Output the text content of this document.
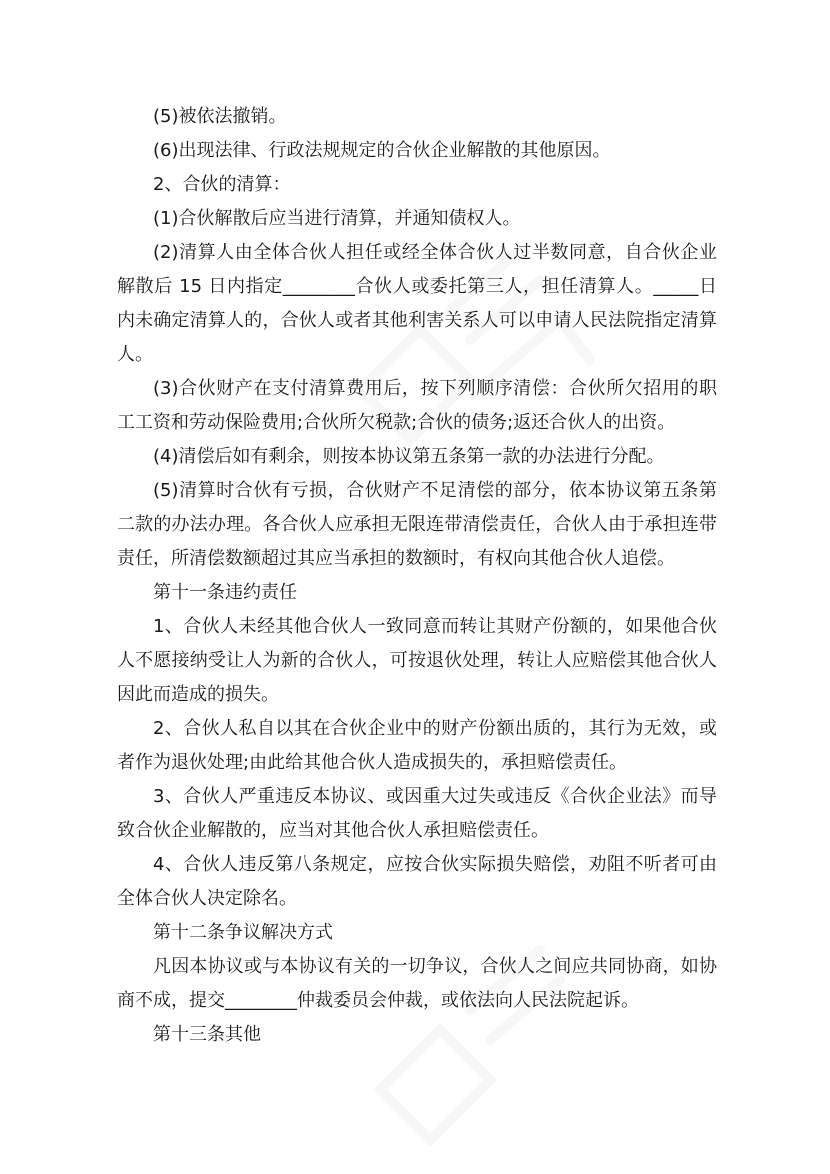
(5)被依法撤销。

(6)出现法律、行政法规规定的合伙企业解散的其他原因。

2、合伙的清算：

(1)合伙解散后应当进行清算，并通知债权人。

(2)清算人由全体合伙人担任或经全体合伙人过半数同意，自合伙企业解散后 15 日内指定________合伙人或委托第三人，担任清算人。_____日内未确定清算人的，合伙人或者其他利害关系人可以申请人民法院指定清算人。

(3)合伙财产在支付清算费用后，按下列顺序清偿：合伙所欠招用的职工工资和劳动保险费用;合伙所欠税款;合伙的债务;返还合伙人的出资。

(4)清偿后如有剩余，则按本协议第五条第一款的办法进行分配。

(5)清算时合伙有亏损，合伙财产不足清偿的部分，依本协议第五条第二款的办法办理。各合伙人应承担无限连带清偿责任，合伙人由于承担连带责任，所清偿数额超过其应当承担的数额时，有权向其他合伙人追偿。

第十一条违约责任

1、合伙人未经其他合伙人一致同意而转让其财产份额的，如果他合伙人不愿接纳受让人为新的合伙人，可按退伙处理，转让人应赔偿其他合伙人因此而造成的损失。

2、合伙人私自以其在合伙企业中的财产份额出质的，其行为无效，或者作为退伙处理;由此给其他合伙人造成损失的，承担赔偿责任。

3、合伙人严重违反本协议、或因重大过失或违反《合伙企业法》而导致合伙企业解散的，应当对其他合伙人承担赔偿责任。

4、合伙人违反第八条规定，应按合伙实际损失赔偿，劝阻不听者可由全体合伙人决定除名。

第十二条争议解决方式

凡因本协议或与本协议有关的一切争议，合伙人之间应共同协商，如协商不成，提交________仲裁委员会仲裁，或依法向人民法院起诉。

第十三条其他
